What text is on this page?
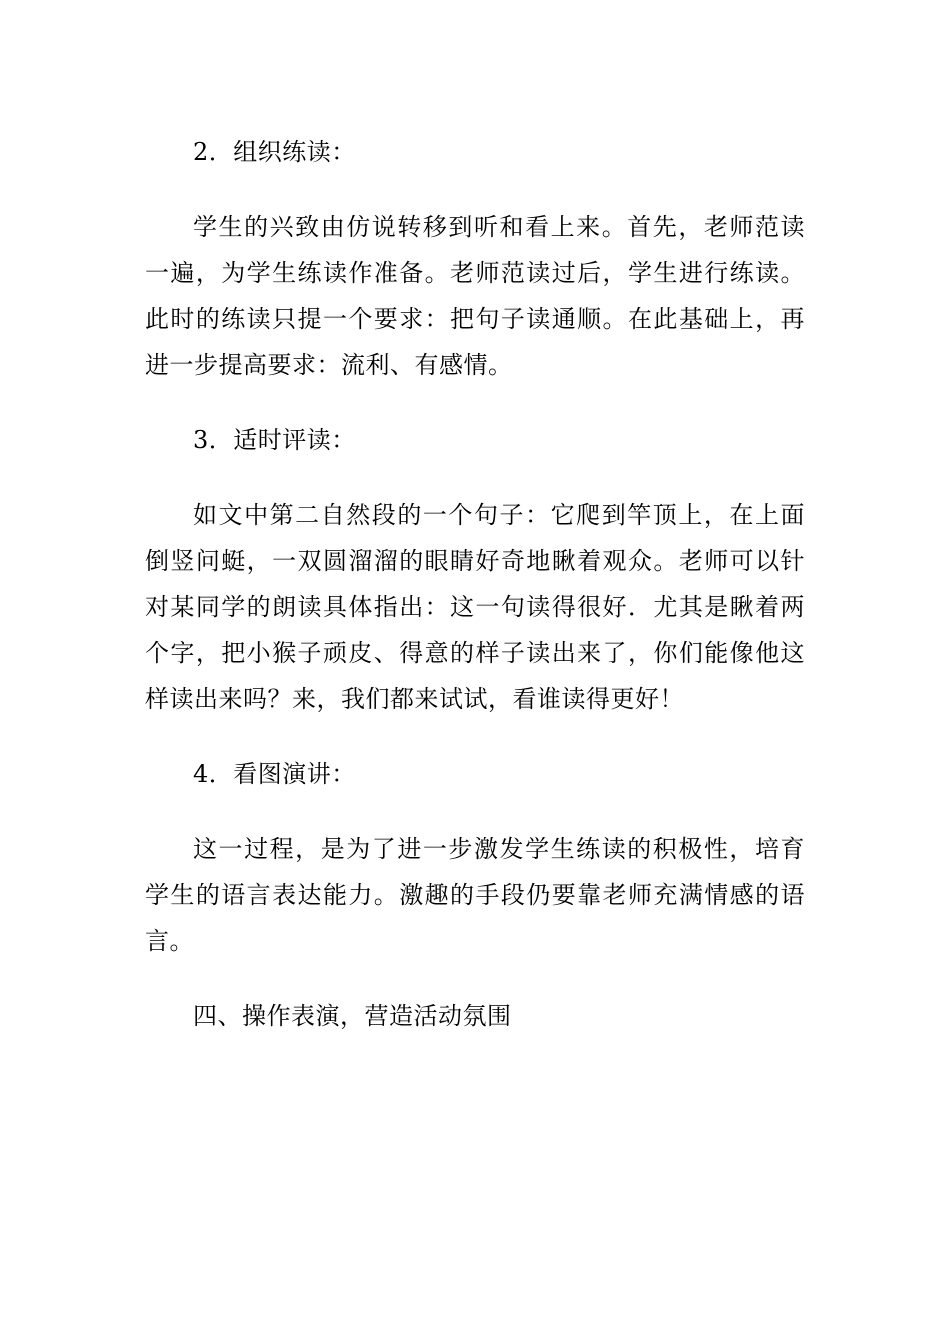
2．组织练读：

学生的兴致由仿说转移到听和看上来。首先，老师范读一遍，为学生练读作准备。老师范读过后，学生进行练读。此时的练读只提一个要求：把句子读通顺。在此基础上，再进一步提高要求：流利、有感情。

3．适时评读：

如文中第二自然段的一个句子：它爬到竿顶上，在上面倒竖问蜓，一双圆溜溜的眼睛好奇地瞅着观众。老师可以针对某同学的朗读具体指出：这一句读得很好．尤其是瞅着两个字，把小猴子顽皮、得意的样子读出来了，你们能像他这样读出来吗？来，我们都来试试，看谁读得更好！

4．看图演讲：

这一过程，是为了进一步激发学生练读的积极性，培育学生的语言表达能力。激趣的手段仍要靠老师充满情感的语言。

四、操作表演，营造活动氛围
